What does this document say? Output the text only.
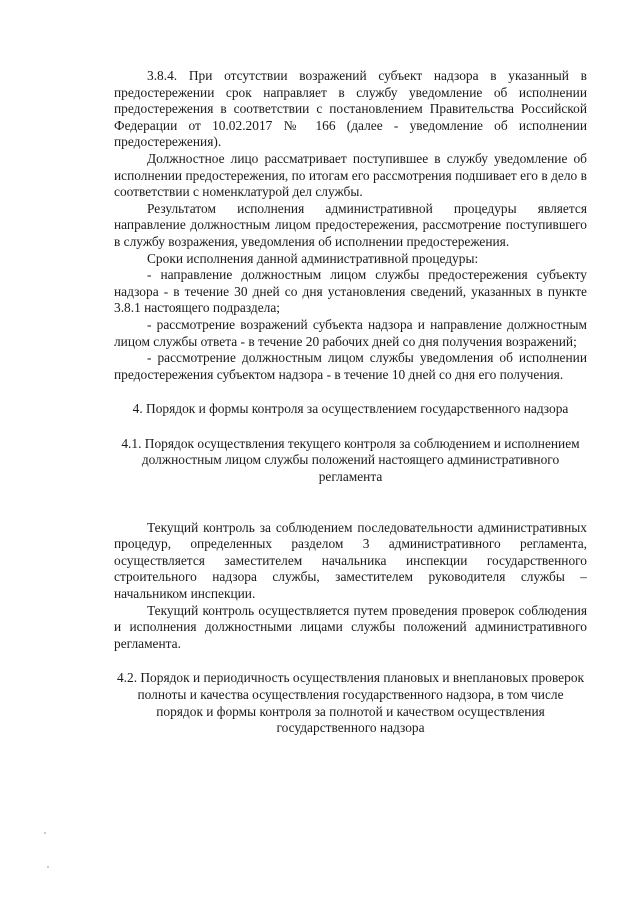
3.8.4. При отсутствии возражений субъект надзора в указанный в предостережении срок направляет в службу уведомление об исполнении предостережения в соответствии с постановлением Правительства Российской Федерации от 10.02.2017 № 166 (далее - уведомление об исполнении предостережения).

Должностное лицо рассматривает поступившее в службу уведомление об исполнении предостережения, по итогам его рассмотрения подшивает его в дело в соответствии с номенклатурой дел службы.

Результатом исполнения административной процедуры является направление должностным лицом предостережения, рассмотрение поступившего в службу возражения, уведомления об исполнении предостережения.

Сроки исполнения данной административной процедуры:

- направление должностным лицом службы предостережения субъекту надзора - в течение 30 дней со дня установления сведений, указанных в пункте 3.8.1 настоящего подраздела;

- рассмотрение возражений субъекта надзора и направление должностным лицом службы ответа - в течение 20 рабочих дней со дня получения возражений;

- рассмотрение должностным лицом службы уведомления об исполнении предостережения субъектом надзора - в течение 10 дней со дня его получения.

4. Порядок и формы контроля за осуществлением государственного надзора

4.1. Порядок осуществления текущего контроля за соблюдением и исполнением должностным лицом службы положений настоящего административного регламента

Текущий контроль за соблюдением последовательности административных процедур, определенных разделом 3 административного регламента, осуществляется заместителем начальника инспекции государственного строительного надзора службы, заместителем руководителя службы – начальником инспекции.

Текущий контроль осуществляется путем проведения проверок соблюдения и исполнения должностными лицами службы положений административного регламента.

4.2. Порядок и периодичность осуществления плановых и внеплановых проверок полноты и качества осуществления государственного надзора, в том числе порядок и формы контроля за полнотой и качеством осуществления государственного надзора
